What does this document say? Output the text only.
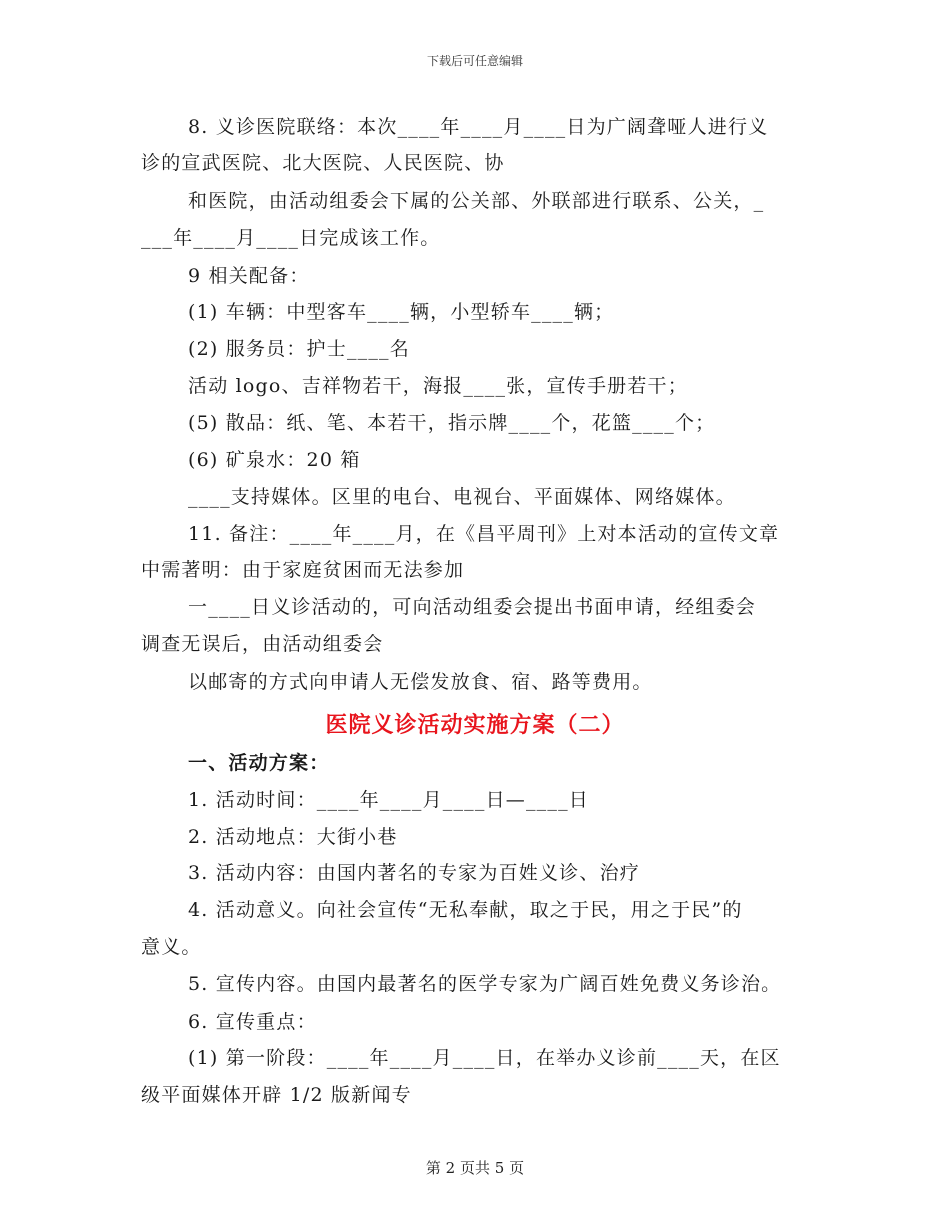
下载后可任意编辑
8. 义诊医院联络：本次____年____月____日为广阔聋哑人进行义
诊的宣武医院、北大医院、人民医院、协
和医院，由活动组委会下属的公关部、外联部进行联系、公关，_
___年____月____日完成该工作。
9 相关配备：
(1) 车辆：中型客车____辆，小型轿车____辆；
(2) 服务员：护士____名
活动 logo、吉祥物若干，海报____张，宣传手册若干；
(5) 散品：纸、笔、本若干，指示牌____个，花篮____个；
(6) 矿泉水：20 箱
____支持媒体。区里的电台、电视台、平面媒体、网络媒体。
11. 备注：____年____月，在《昌平周刊》上对本活动的宣传文章
中需著明：由于家庭贫困而无法参加
一____日义诊活动的，可向活动组委会提出书面申请，经组委会
调查无误后，由活动组委会
以邮寄的方式向申请人无偿发放食、宿、路等费用。
医院义诊活动实施方案（二）
一、活动方案：
1. 活动时间：____年____月____日—____日
2. 活动地点：大街小巷
3. 活动内容：由国内著名的专家为百姓义诊、治疗
4. 活动意义。向社会宣传“无私奉献，取之于民，用之于民”的
意义。
5. 宣传内容。由国内最著名的医学专家为广阔百姓免费义务诊治。
6. 宣传重点：
(1) 第一阶段：____年____月____日，在举办义诊前____天，在区
级平面媒体开辟 1/2 版新闻专
第 2 页共 5 页
